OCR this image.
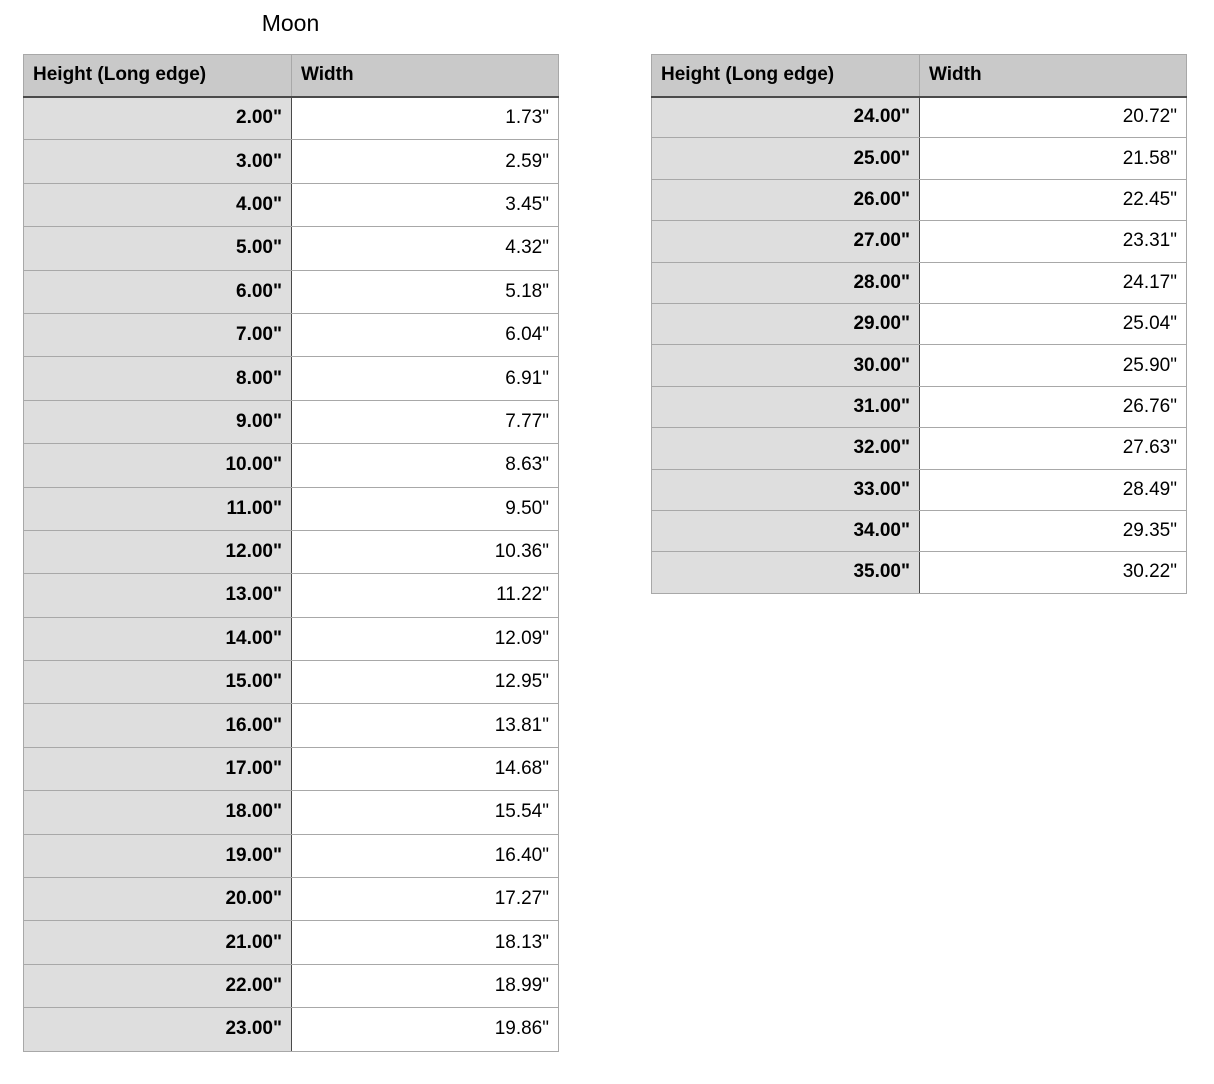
Moon
Height (Long edge)	Width
2.00"	1.73"
3.00"	2.59"
4.00"	3.45"
5.00"	4.32"
6.00"	5.18"
7.00"	6.04"
8.00"	6.91"
9.00"	7.77"
10.00"	8.63"
11.00"	9.50"
12.00"	10.36"
13.00"	11.22"
14.00"	12.09"
15.00"	12.95"
16.00"	13.81"
17.00"	14.68"
18.00"	15.54"
19.00"	16.40"
20.00"	17.27"
21.00"	18.13"
22.00"	18.99"
23.00"	19.86"
Height (Long edge)	Width
24.00"	20.72"
25.00"	21.58"
26.00"	22.45"
27.00"	23.31"
28.00"	24.17"
29.00"	25.04"
30.00"	25.90"
31.00"	26.76"
32.00"	27.63"
33.00"	28.49"
34.00"	29.35"
35.00"	30.22"
